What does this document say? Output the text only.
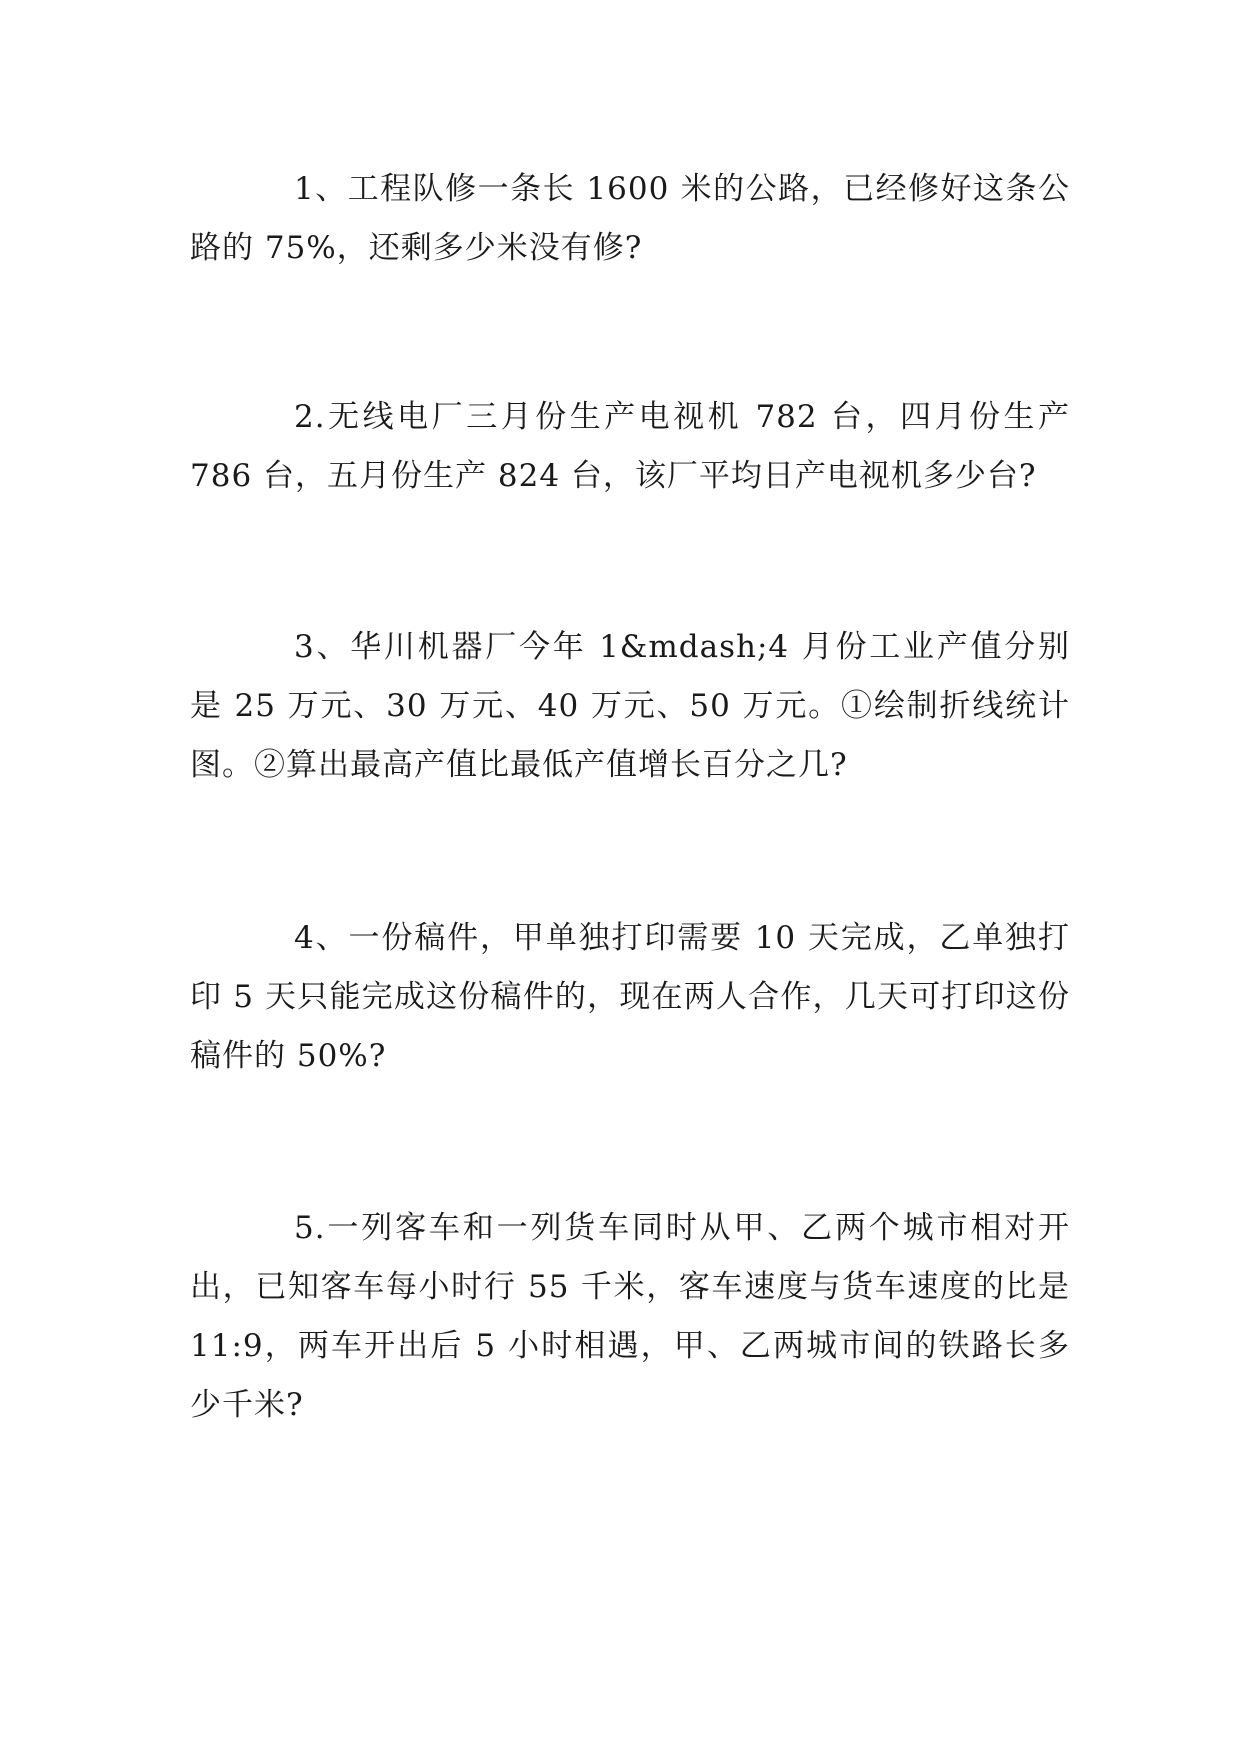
1、工程队修一条长 1600 米的公路，已经修好这条公路的 75%，还剩多少米没有修?

2.无线电厂三月份生产电视机 782 台，四月份生产 786 台，五月份生产 824 台，该厂平均日产电视机多少台?

3、华川机器厂今年 1&mdash;4 月份工业产值分别是 25 万元、30 万元、40 万元、50 万元。①绘制折线统计图。②算出最高产值比最低产值增长百分之几?

4、一份稿件，甲单独打印需要 10 天完成，乙单独打印 5 天只能完成这份稿件的，现在两人合作，几天可打印这份稿件的 50%?

5.一列客车和一列货车同时从甲、乙两个城市相对开出，已知客车每小时行 55 千米，客车速度与货车速度的比是 11:9，两车开出后 5 小时相遇，甲、乙两城市间的铁路长多少千米?
